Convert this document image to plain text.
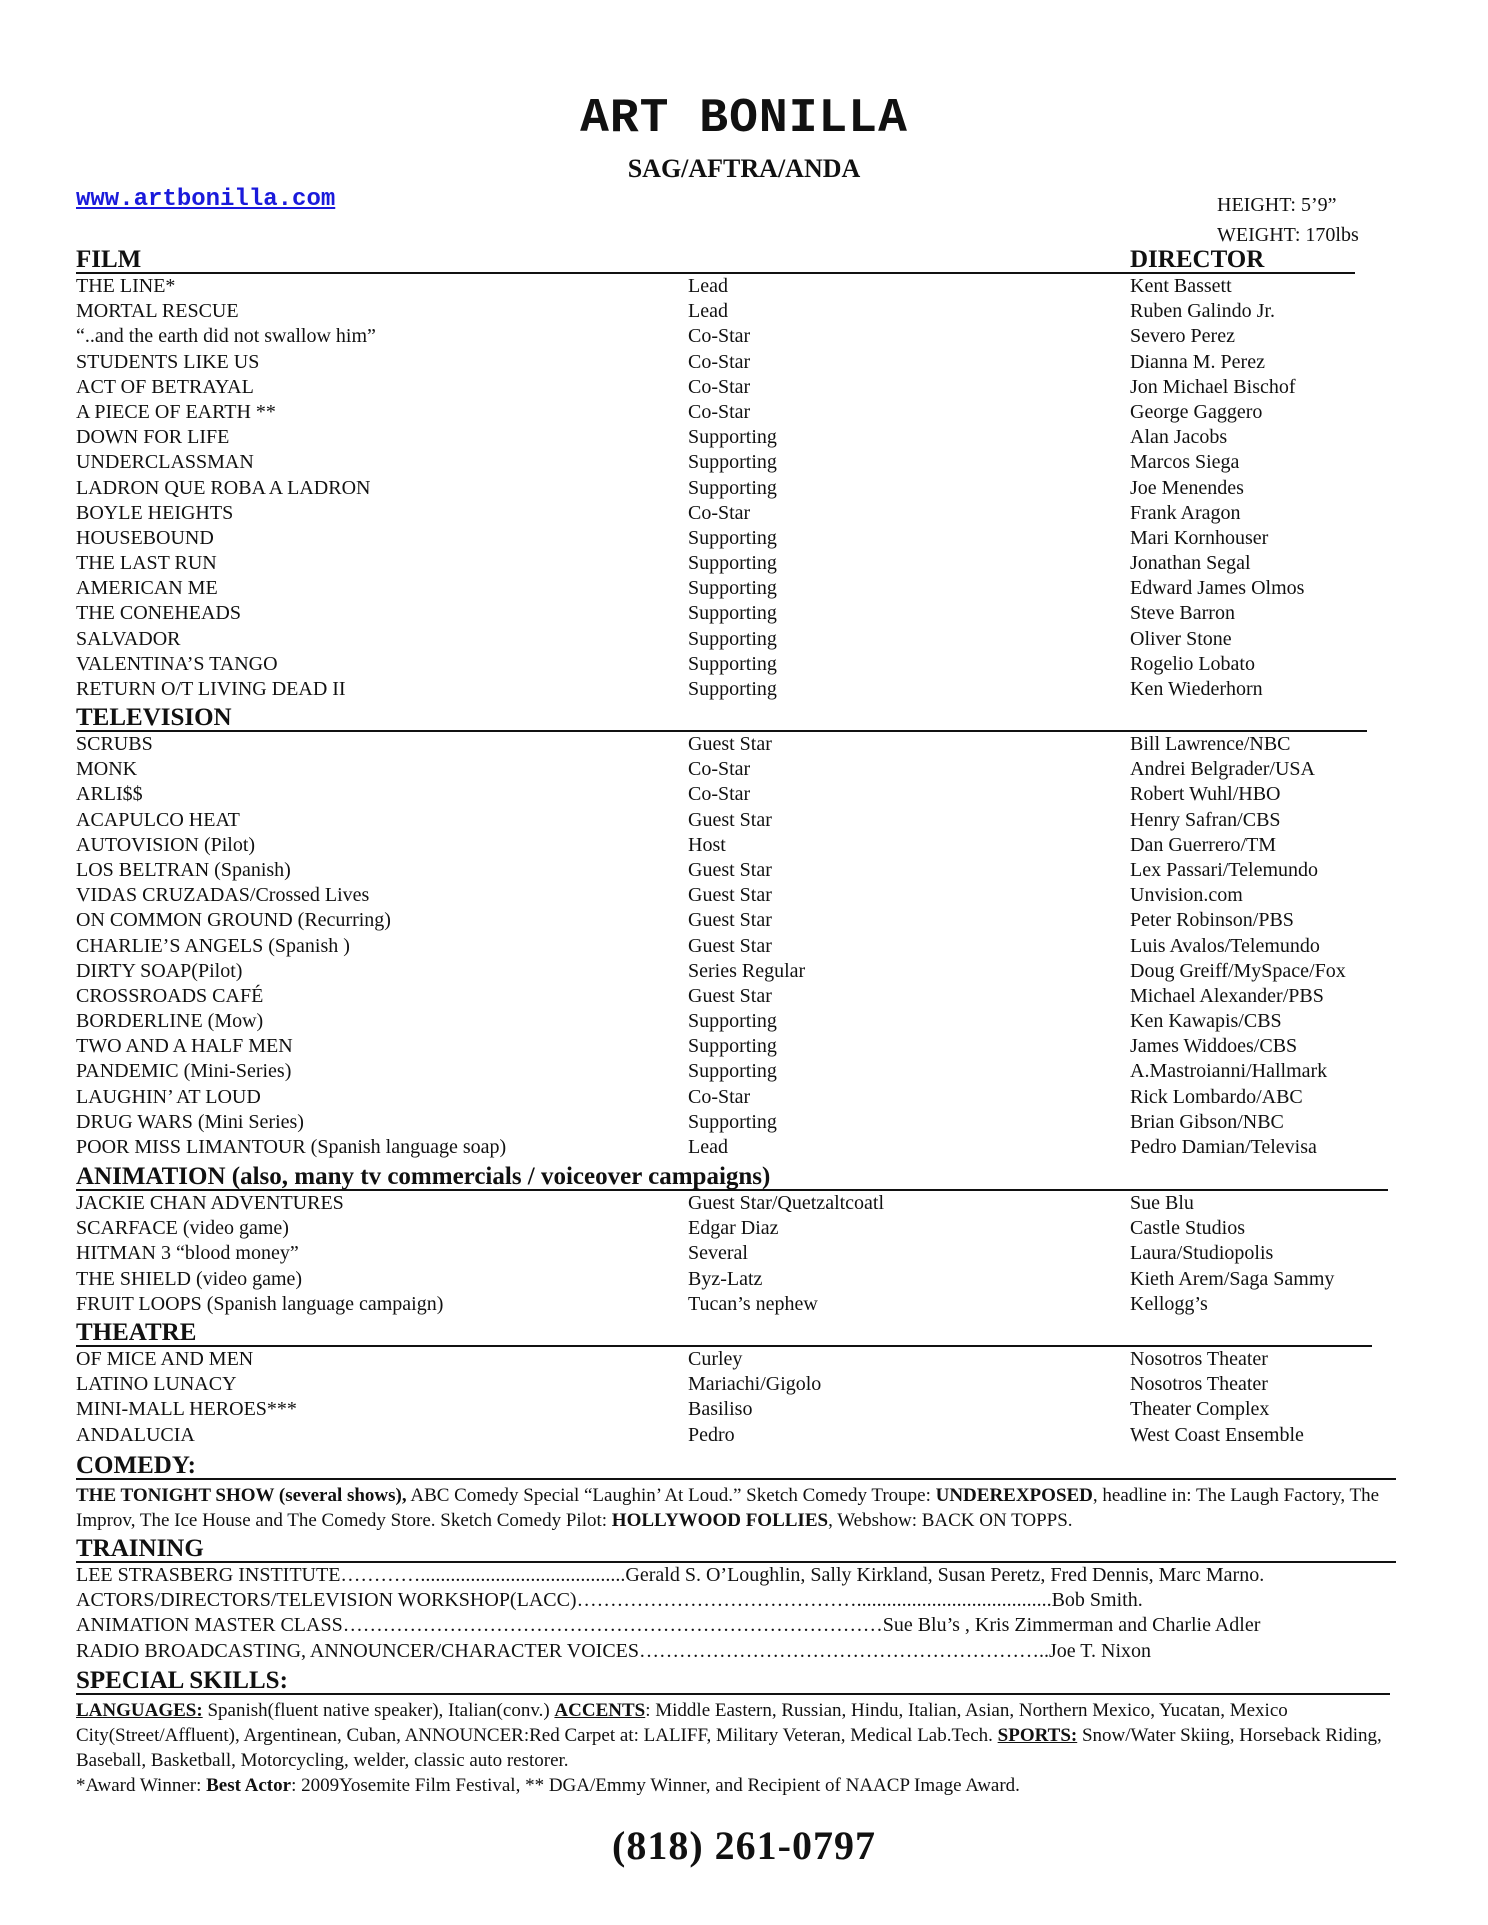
ART BONILLA
SAG/AFTRA/ANDA
www.artbonilla.com	HEIGHT: 5’9”
WEIGHT: 170lbs
FILM	DIRECTOR
THE LINE*	Lead	Kent Bassett
MORTAL RESCUE	Lead	Ruben Galindo Jr.
“..and the earth did not swallow him”	Co-Star	Severo Perez
STUDENTS LIKE US	Co-Star	Dianna M. Perez
ACT OF BETRAYAL	Co-Star	Jon Michael Bischof
A PIECE OF EARTH **	Co-Star	George Gaggero
DOWN FOR LIFE	Supporting	Alan Jacobs
UNDERCLASSMAN	Supporting	Marcos Siega
LADRON QUE ROBA A LADRON	Supporting	Joe Menendes
BOYLE HEIGHTS	Co-Star	Frank Aragon
HOUSEBOUND	Supporting	Mari Kornhouser
THE LAST RUN	Supporting	Jonathan Segal
AMERICAN ME	Supporting	Edward James Olmos
THE CONEHEADS	Supporting	Steve Barron
SALVADOR	Supporting	Oliver Stone
VALENTINA’S TANGO	Supporting	Rogelio Lobato
RETURN O/T LIVING DEAD II	Supporting	Ken Wiederhorn
TELEVISION
SCRUBS	Guest Star	Bill Lawrence/NBC
MONK	Co-Star	Andrei Belgrader/USA
ARLI$$	Co-Star	Robert Wuhl/HBO
ACAPULCO HEAT	Guest Star	Henry Safran/CBS
AUTOVISION (Pilot)	Host	Dan Guerrero/TM
LOS BELTRAN (Spanish)	Guest Star	Lex Passari/Telemundo
VIDAS CRUZADAS/Crossed Lives	Guest Star	Unvision.com
ON COMMON GROUND (Recurring)	Guest Star	Peter Robinson/PBS
CHARLIE’S ANGELS (Spanish )	Guest Star	Luis Avalos/Telemundo
DIRTY SOAP(Pilot)	Series Regular	Doug Greiff/MySpace/Fox
CROSSROADS CAFÉ	Guest Star	Michael Alexander/PBS
BORDERLINE (Mow)	Supporting	Ken Kawapis/CBS
TWO AND A HALF MEN	Supporting	James Widdoes/CBS
PANDEMIC (Mini-Series)	Supporting	A.Mastroianni/Hallmark
LAUGHIN’ AT LOUD	Co-Star	Rick Lombardo/ABC
DRUG WARS (Mini Series)	Supporting	Brian Gibson/NBC
POOR MISS LIMANTOUR (Spanish language soap)	Lead	Pedro Damian/Televisa
ANIMATION (also, many tv commercials / voiceover campaigns)
JACKIE CHAN ADVENTURES	Guest Star/Quetzaltcoatl	Sue Blu
SCARFACE (video game)	Edgar Diaz	Castle Studios
HITMAN 3 “blood money”	Several	Laura/Studiopolis
THE SHIELD (video game)	Byz-Latz	Kieth Arem/Saga Sammy
FRUIT LOOPS (Spanish language campaign)	Tucan’s nephew	Kellogg’s
THEATRE
OF MICE AND MEN	Curley	Nosotros Theater
LATINO LUNACY	Mariachi/Gigolo	Nosotros Theater
MINI-MALL HEROES***	Basiliso	Theater Complex
ANDALUCIA	Pedro	West Coast Ensemble
COMEDY:
THE TONIGHT SHOW (several shows), ABC Comedy Special “Laughin’ At Loud.” Sketch Comedy Troupe: UNDEREXPOSED, headline in: The Laugh Factory, The Improv, The Ice House and The Comedy Store. Sketch Comedy Pilot: HOLLYWOOD FOLLIES, Webshow: BACK ON TOPPS.
TRAINING
LEE STRASBERG INSTITUTE………….........................................Gerald S. O’Loughlin, Sally Kirkland, Susan Peretz, Fred Dennis, Marc Marno.
ACTORS/DIRECTORS/TELEVISION WORKSHOP(LACC)…………………………………….......................................Bob Smith.
ANIMATION MASTER CLASS………………………………………………………………………Sue Blu’s , Kris Zimmerman and Charlie Adler
RADIO BROADCASTING, ANNOUNCER/CHARACTER VOICES……………………………………………………..Joe T. Nixon
SPECIAL SKILLS:
LANGUAGES: Spanish(fluent native speaker), Italian(conv.) ACCENTS: Middle Eastern, Russian, Hindu, Italian, Asian, Northern Mexico, Yucatan, Mexico City(Street/Affluent), Argentinean, Cuban, ANNOUNCER:Red Carpet at: LALIFF, Military Veteran, Medical Lab.Tech. SPORTS: Snow/Water Skiing, Horseback Riding, Baseball, Basketball, Motorcycling, welder, classic auto restorer.
*Award Winner: Best Actor: 2009Yosemite Film Festival, ** DGA/Emmy Winner, and Recipient of NAACP Image Award.
(818) 261-0797
